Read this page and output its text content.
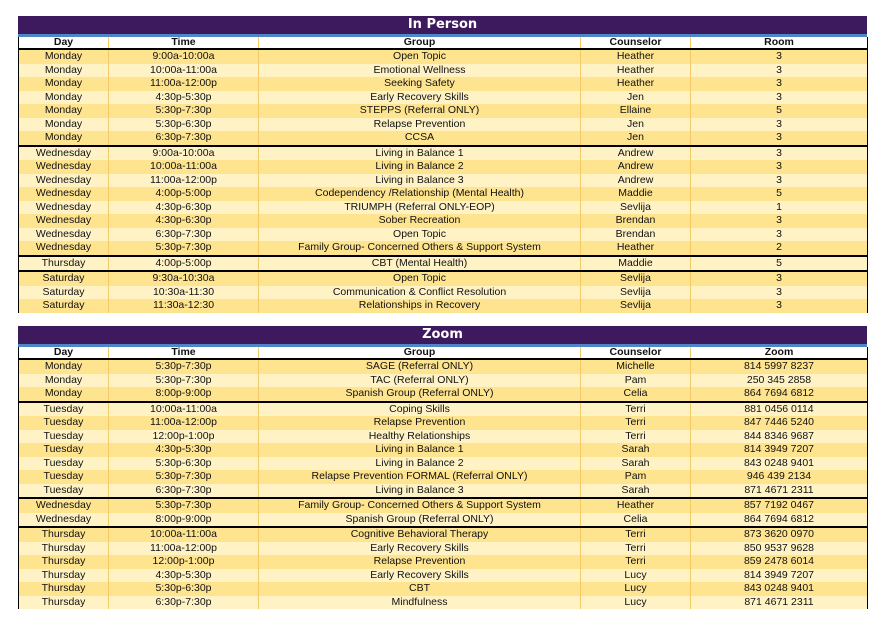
In Person
Day	Time	Group	Counselor	Room
Monday	9:00a-10:00a	Open Topic	Heather	3
Monday	10:00a-11:00a	Emotional Wellness	Heather	3
Monday	11:00a-12:00p	Seeking Safety	Heather	3
Monday	4:30p-5:30p	Early Recovery Skills	Jen	3
Monday	5:30p-7:30p	STEPPS (Referral ONLY)	Ellaine	5
Monday	5:30p-6:30p	Relapse Prevention	Jen	3
Monday	6:30p-7:30p	CCSA	Jen	3
Wednesday	9:00a-10:00a	Living in Balance 1	Andrew	3
Wednesday	10:00a-11:00a	Living in Balance 2	Andrew	3
Wednesday	11:00a-12:00p	Living in Balance 3	Andrew	3
Wednesday	4:00p-5:00p	Codependency /Relationship (Mental Health)	Maddie	5
Wednesday	4:30p-6:30p	TRIUMPH (Referral ONLY-EOP)	Sevlija	1
Wednesday	4:30p-6:30p	Sober Recreation	Brendan	3
Wednesday	6:30p-7:30p	Open Topic	Brendan	3
Wednesday	5:30p-7:30p	Family Group- Concerned Others & Support System	Heather	2
Thursday	4:00p-5:00p	CBT (Mental Health)	Maddie	5
Saturday	9:30a-10:30a	Open Topic	Sevlija	3
Saturday	10:30a-11:30	Communication & Conflict Resolution	Sevlija	3
Saturday	11:30a-12:30	Relationships in Recovery	Sevlija	3
Zoom
Day	Time	Group	Counselor	Zoom
Monday	5:30p-7:30p	SAGE (Referral ONLY)	Michelle	814 5997 8237
Monday	5:30p-7:30p	TAC (Referral ONLY)	Pam	250 345 2858
Monday	8:00p-9:00p	Spanish Group (Referral ONLY)	Celia	864 7694 6812
Tuesday	10:00a-11:00a	Coping Skills	Terri	881 0456 0114
Tuesday	11:00a-12:00p	Relapse Prevention	Terri	847 7446 5240
Tuesday	12:00p-1:00p	Healthy Relationships	Terri	844 8346 9687
Tuesday	4:30p-5:30p	Living in Balance 1	Sarah	814 3949 7207
Tuesday	5:30p-6:30p	Living in Balance 2	Sarah	843 0248 9401
Tuesday	5:30p-7:30p	Relapse Prevention FORMAL (Referral ONLY)	Pam	946 439 2134
Tuesday	6:30p-7:30p	Living in Balance 3	Sarah	871 4671 2311
Wednesday	5:30p-7:30p	Family Group- Concerned Others & Support System	Heather	857 7192 0467
Wednesday	8:00p-9:00p	Spanish Group (Referral ONLY)	Celia	864 7694 6812
Thursday	10:00a-11:00a	Cognitive Behavioral Therapy	Terri	873 3620 0970
Thursday	11:00a-12:00p	Early Recovery Skills	Terri	850 9537 9628
Thursday	12:00p-1:00p	Relapse Prevention	Terri	859 2478 6014
Thursday	4:30p-5:30p	Early Recovery Skills	Lucy	814 3949 7207
Thursday	5:30p-6:30p	CBT	Lucy	843 0248 9401
Thursday	6:30p-7:30p	Mindfulness	Lucy	871 4671 2311
